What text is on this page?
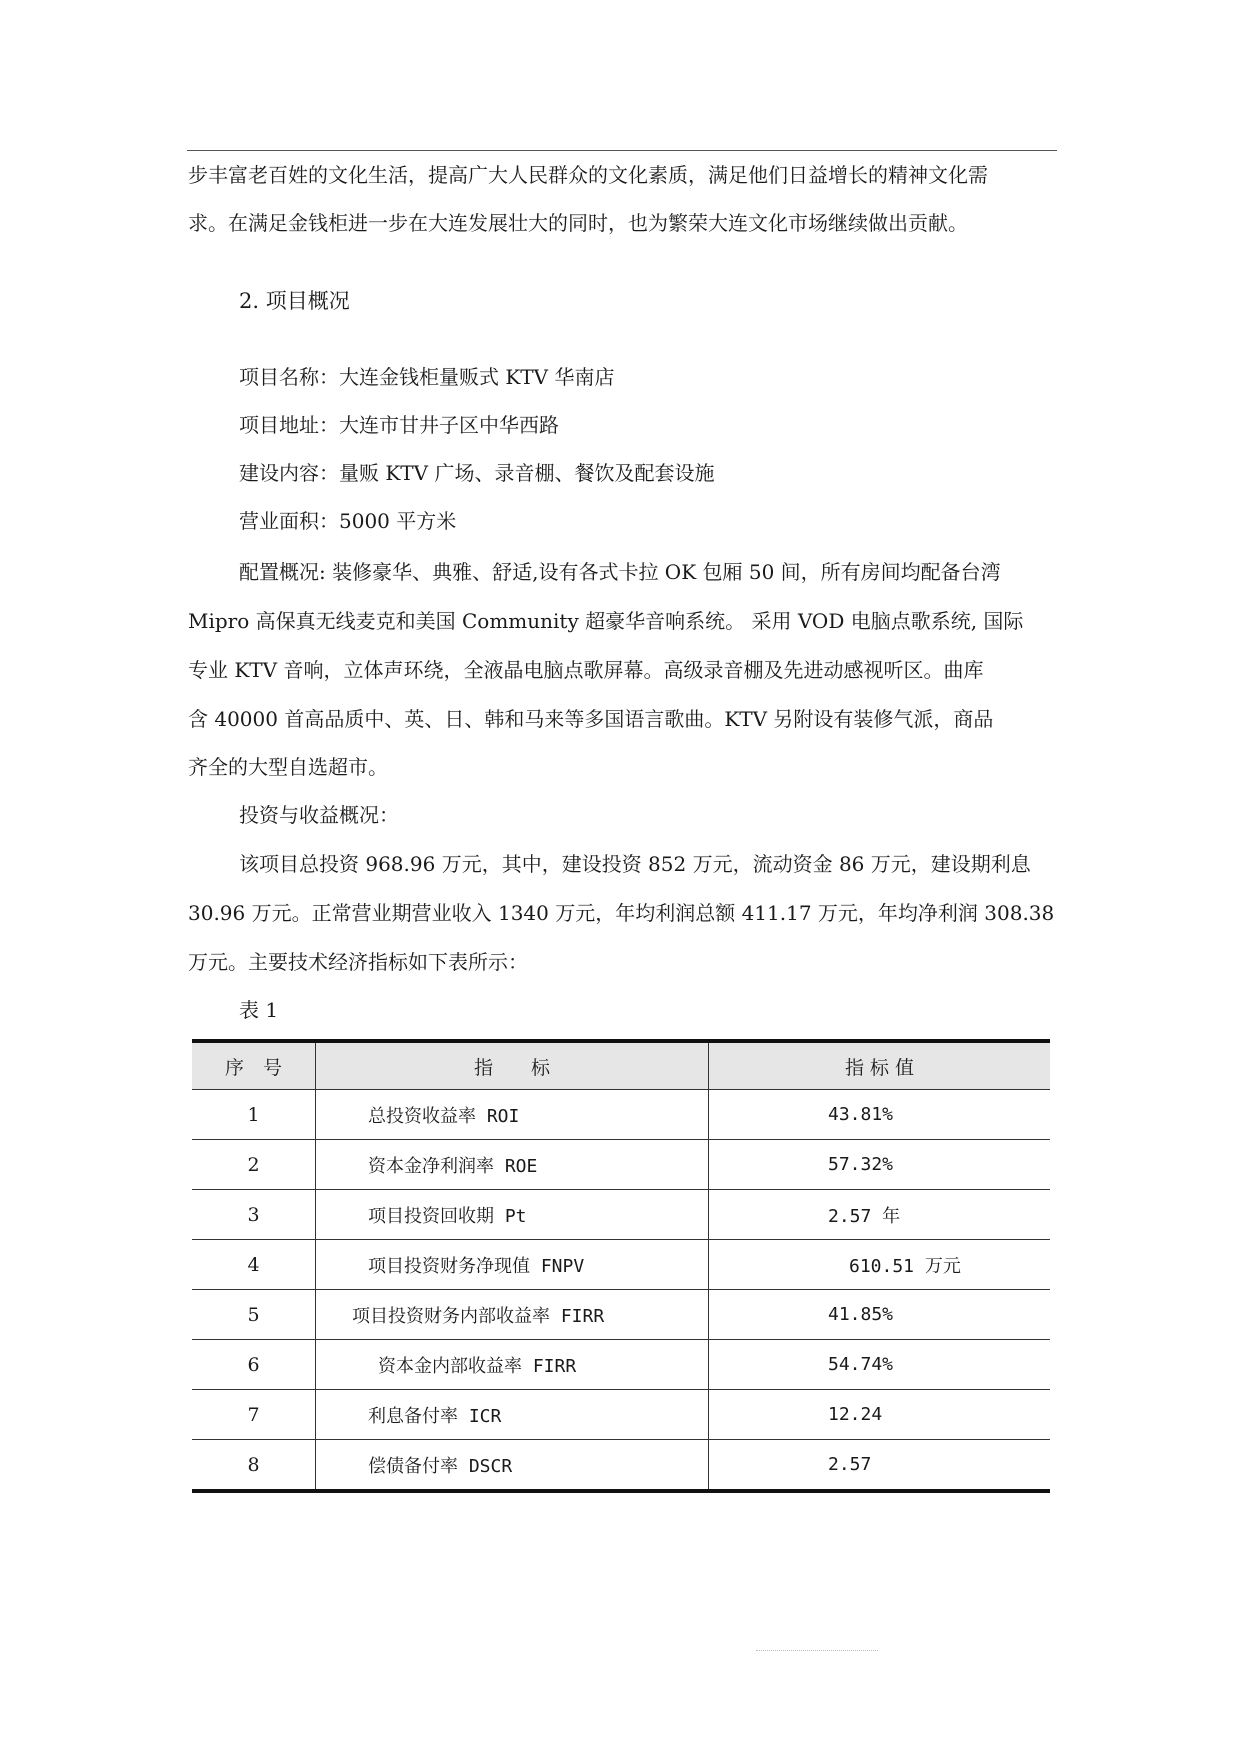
步丰富老百姓的文化生活，提高广大人民群众的文化素质，满足他们日益增长的精神文化需
求。在满足金钱柜进一步在大连发展壮大的同时，也为繁荣大连文化市场继续做出贡献。
2. 项目概况
项目名称：大连金钱柜量贩式 KTV 华南店
项目地址：大连市甘井子区中华西路
建设内容：量贩 KTV 广场、录音棚、餐饮及配套设施
营业面积：5000 平方米
配置概况: 装修豪华、典雅、舒适,设有各式卡拉 OK 包厢 50 间，所有房间均配备台湾
Mipro 高保真无线麦克和美国 Community 超豪华音响系统。 采用 VOD 电脑点歌系统, 国际
专业 KTV 音响，立体声环绕，全液晶电脑点歌屏幕。高级录音棚及先进动感视听区。曲库
含 40000 首高品质中、英、日、韩和马来等多国语言歌曲。KTV 另附设有装修气派，商品
齐全的大型自选超市。
投资与收益概况：
该项目总投资 968.96 万元，其中，建设投资 852 万元，流动资金 86 万元，建设期利息
30.96 万元。正常营业期营业收入 1340 万元，年均利润总额 411.17 万元，年均净利润 308.38
万元。主要技术经济指标如下表所示：
表 1
序　号	指　　标	指 标 值
1	总投资收益率 ROI	43.81%
2	资本金净利润率 ROE	57.32%
3	项目投资回收期 Pt	2.57 年
4	项目投资财务净现值 FNPV	610.51 万元
5	项目投资财务内部收益率 FIRR	41.85%
6	资本金内部收益率 FIRR	54.74%
7	利息备付率 ICR	12.24
8	偿债备付率 DSCR	2.57
